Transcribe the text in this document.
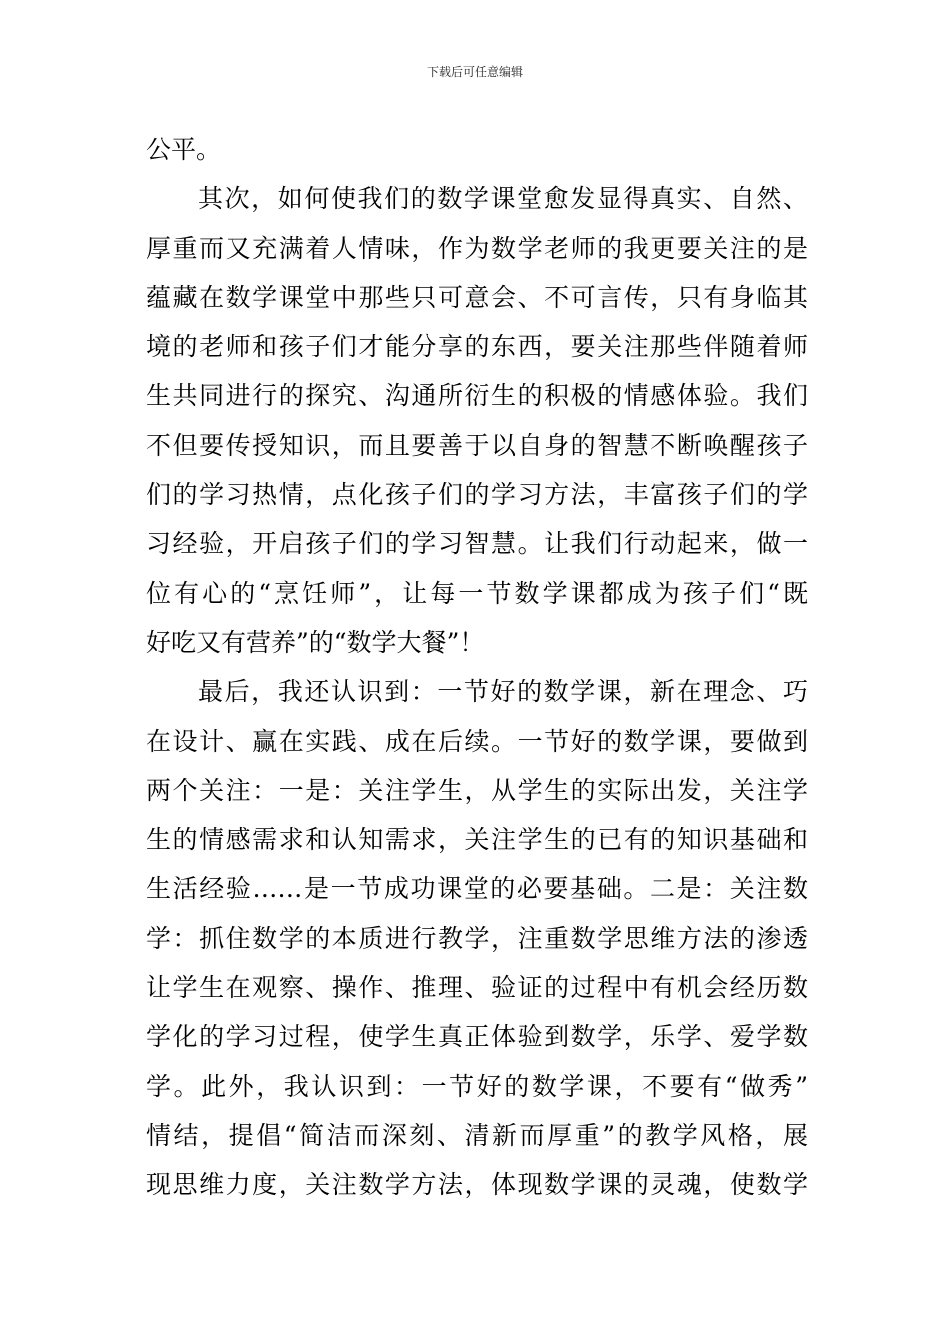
下载后可任意编辑
公平。
其次，如何使我们的数学课堂愈发显得真实、自然、
厚重而又充满着人情味，作为数学老师的我更要关注的是
蕴藏在数学课堂中那些只可意会、不可言传，只有身临其
境的老师和孩子们才能分享的东西，要关注那些伴随着师
生共同进行的探究、沟通所衍生的积极的情感体验。我们
不但要传授知识，而且要善于以自身的智慧不断唤醒孩子
们的学习热情，点化孩子们的学习方法，丰富孩子们的学
习经验，开启孩子们的学习智慧。让我们行动起来，做一
位有心的“烹饪师”，让每一节数学课都成为孩子们“既
好吃又有营养”的“数学大餐”！
最后，我还认识到：一节好的数学课，新在理念、巧
在设计、赢在实践、成在后续。一节好的数学课，要做到
两个关注：一是：关注学生，从学生的实际出发，关注学
生的情感需求和认知需求，关注学生的已有的知识基础和
生活经验……是一节成功课堂的必要基础。二是：关注数
学：抓住数学的本质进行教学，注重数学思维方法的渗透
让学生在观察、操作、推理、验证的过程中有机会经历数
学化的学习过程，使学生真正体验到数学，乐学、爱学数
学。此外，我认识到：一节好的数学课，不要有“做秀”
情结，提倡“简洁而深刻、清新而厚重”的教学风格，展
现思维力度，关注数学方法，体现数学课的灵魂，使数学
